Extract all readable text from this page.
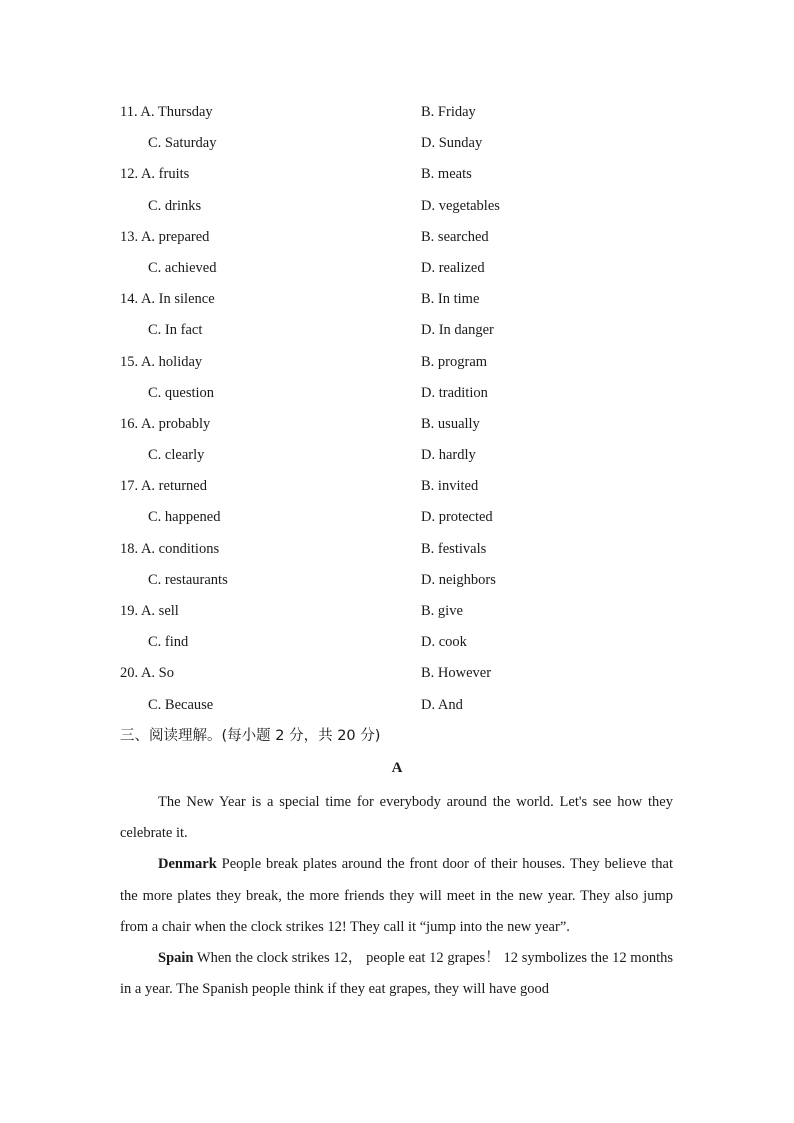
11. A. Thursday	B. Friday
C. Saturday	D. Sunday
12. A. fruits	B. meats
C. drinks	D. vegetables
13. A. prepared	B. searched
C. achieved	D. realized
14. A. In silence	B. In time
C. In fact	D. In danger
15. A. holiday	B. program
C. question	D. tradition
16. A. probably	B. usually
C. clearly	D. hardly
17. A. returned	B. invited
C. happened	D. protected
18. A. conditions	B. festivals
C. restaurants	D. neighbors
19. A. sell	B. give
C. find	D. cook
20. A. So	B. However
C. Because	D. And
三、阅读理解。(每小题 2 分，共 20 分)
A

The New Year is a special time for everybody around the world. Let's see how they celebrate it.

Denmark People break plates around the front door of their houses. They believe that the more plates they break, the more friends they will meet in the new year. They also jump from a chair when the clock strikes 12! They call it “jump into the new year”.

Spain When the clock strikes 12， people eat 12 grapes！ 12 symbolizes the 12 months in a year. The Spanish people think if they eat grapes, they will have good
